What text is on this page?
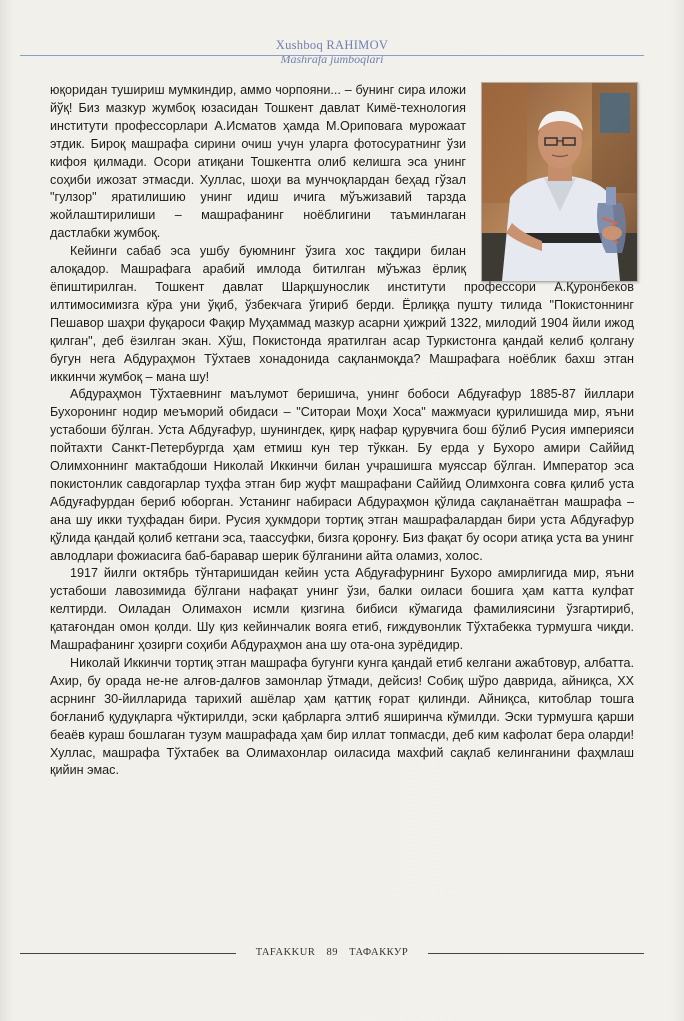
Xushboq RAHIMOV
Mashrafa jumboqlari

юқоридан тушириш мумкиндир, аммо чорпояни... – бунинг сира иложи йўқ! Биз мазкур жумбоқ юзасидан Тошкент давлат Кимё-технология институти профессорлари А.Исматов ҳамда М.Ориповага мурожаат этдик. Бироқ машрафа сирини очиш учун уларга фотосуратнинг ўзи кифоя қилмади. Осори атиқани Тошкентга олиб келишга эса унинг соҳиби ижозат этмасди. Хуллас, шоҳи ва мунчоқлардан беҳад гўзал "гулзор" яратилишию унинг идиш ичига мўъжизавий тарзда жойлаштирилиши – машрафанинг ноёблигини таъминлаган дастлабки жумбоқ.

Кейинги сабаб эса ушбу буюмнинг ўзига хос тақдири билан алоқадор. Машрафага арабий имлода битилган мўъжаз ёрлиқ ёпиштирилган. Тошкент давлат Шарқшунослик институти профессори А.Қуронбеков илтимосимизга кўра уни ўқиб, ўзбекчага ўгириб берди. Ёрлиққа пушту тилида "Покистоннинг Пешавор шаҳри фуқароси Фақир Муҳаммад мазкур асарни ҳижрий 1322, милодий 1904 йили ижод қилган", деб ёзилган экан. Хўш, Покистонда яратилган асар Туркистонга қандай келиб қолгану бугун нега Абдураҳмон Тўхтаев хонадонида сақланмоқда? Машрафага ноёблик бахш этган иккинчи жумбоқ – мана шу!

Абдураҳмон Тўхтаевнинг маълумот беришича, унинг бобоси Абдуғафур 1885-87 йиллари Бухоронинг нодир меъморий обидаси – "Ситораи Моҳи Хоса" мажмуаси қурилишида мир, яъни устабоши бўлган. Уста Абдуғафур, шунингдек, қирқ нафар қурувчига бош бўлиб Русия империяси пойтахти Санкт-Петербургда ҳам етмиш кун тер тўккан. Бу ерда у Бухоро амири Саййид Олимхоннинг мактабдоши Николай Иккинчи билан учрашишга муяссар бўлган. Император эса покистонлик савдогарлар туҳфа этган бир жуфт машрафани Саййид Олимхонга совға қилиб уста Абдуғафурдан бериб юборган. Устанинг набираси Абдураҳмон қўлида сақланаётган машрафа – ана шу икки туҳфадан бири. Русия ҳукмдори тортиқ этган машрафалардан бири уста Абдуғафур қўлида қандай қолиб кетгани эса, таассуфки, бизга қоронғу. Биз фақат бу осори атиқа уста ва унинг авлодлари фожиасига баб-баравар шерик бўлганини айта оламиз, холос.

1917 йилги октябрь тўнтаришидан кейин уста Абдуғафурнинг Бухоро амирлигида мир, яъни устабоши лавозимида бўлгани нафақат унинг ўзи, балки оиласи бошига ҳам катта кулфат келтирди. Оиладан Олимахон исмли қизгина бибиси кўмагида фамилиясини ўзгартириб, қатағондан омон қолди. Шу қиз кейинчалик вояга етиб, ғиждувонлик Тўхтабекка турмушга чиқди. Машрафанинг ҳозирги соҳиби Абдураҳмон ана шу ота-она зурёдидир.

Николай Иккинчи тортиқ этган машрафа бугунги кунга қандай етиб келгани ажабтовур, албатта. Ахир, бу орада не-не алғов-далғов замонлар ўтмади, дейсиз! Собиқ шўро даврида, айниқса, XX асрнинг 30-йилларида тарихий ашёлар ҳам қаттиқ ғорат қилинди. Айниқса, китоблар тошга боғланиб қудуқларга чўктирилди, эски қабрларга элтиб яширинча кўмилди. Эски турмушга қарши беаёв кураш бошлаган тузум машрафада ҳам бир иллат топмасди, деб ким кафолат бера оларди! Хуллас, машрафа Тўхтабек ва Олимахонлар оиласида махфий сақлаб келинганини фаҳмлаш қийин эмас.

TAFAKKUR 89 ТАФАККУР
